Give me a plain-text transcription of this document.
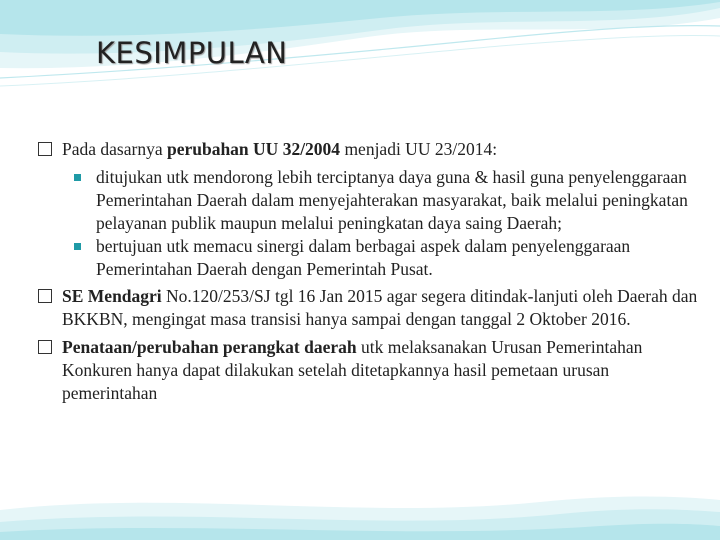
KESIMPULAN

Pada dasarnya perubahan UU 32/2004 menjadi UU 23/2014:

ditujukan utk mendorong lebih terciptanya daya guna & hasil guna penyelenggaraan Pemerintahan Daerah dalam menyejahterakan masyarakat, baik melalui peningkatan pelayanan publik maupun melalui peningkatan daya saing Daerah;

bertujuan utk memacu sinergi dalam berbagai aspek dalam penyelenggaraan Pemerintahan Daerah dengan Pemerintah Pusat.

SE Mendagri No.120/253/SJ tgl 16 Jan 2015 agar segera ditindak-lanjuti oleh Daerah dan BKKBN, mengingat masa transisi hanya sampai dengan tanggal 2 Oktober 2016.

Penataan/perubahan perangkat daerah utk melaksanakan Urusan Pemerintahan Konkuren hanya dapat dilakukan setelah ditetapkannya hasil pemetaan urusan pemerintahan
